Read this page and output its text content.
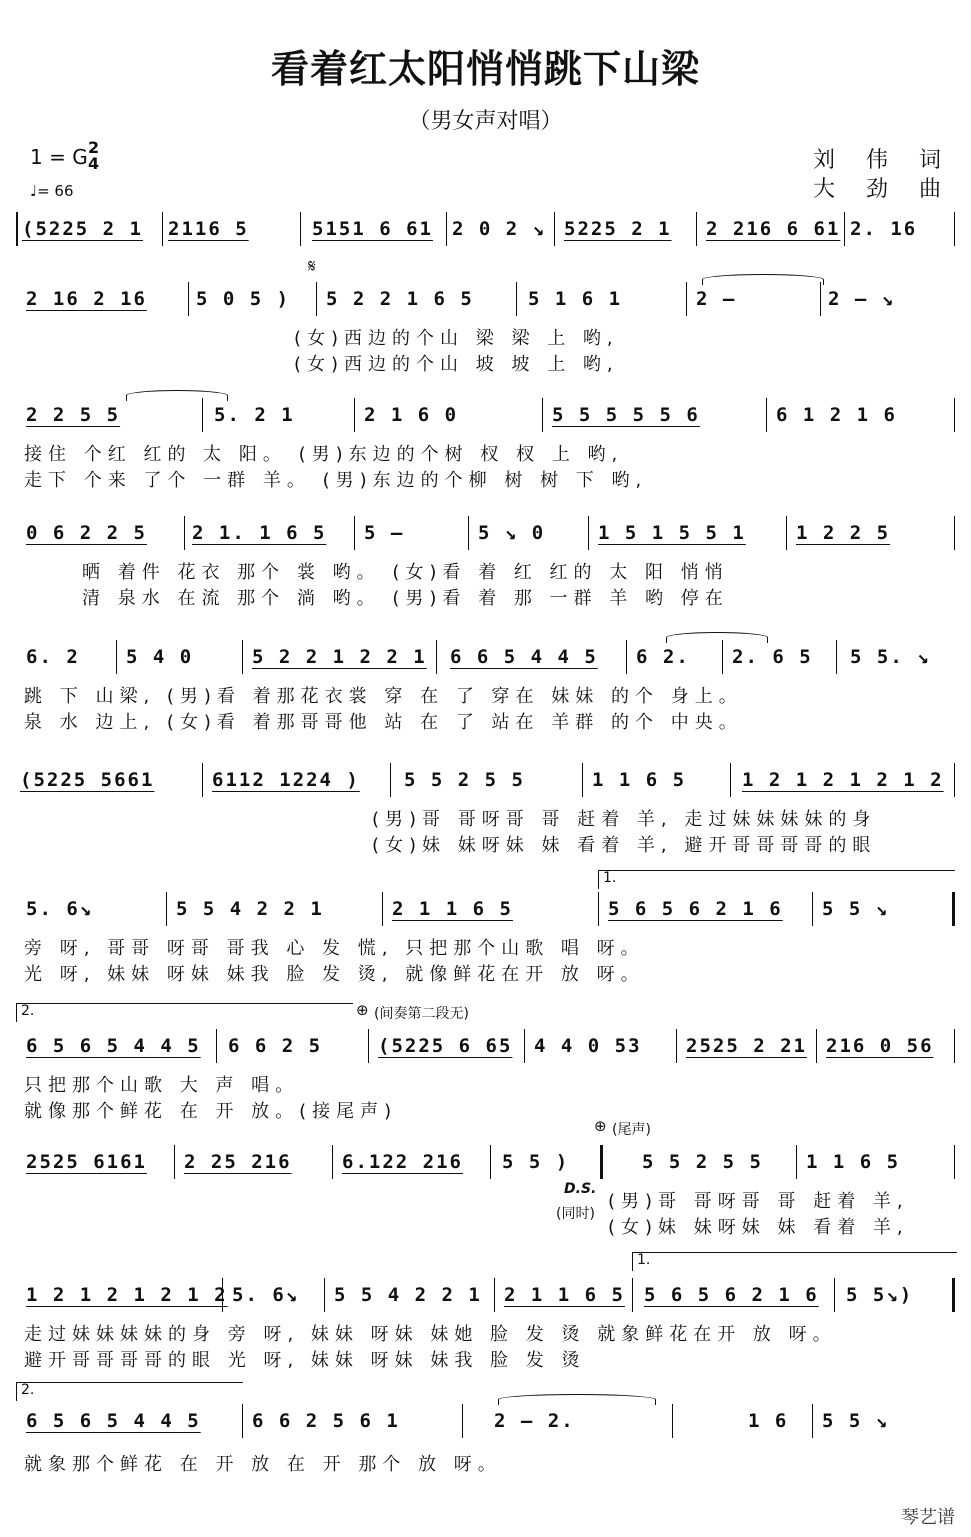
看着红太阳悄悄跳下山梁
（男女声对唱）
1 = G 2
4
♩= 66
刘 伟 词
大 劲 曲
(5225 2 1 2116 5	5151 6 61 2 0 2 ↘ 5225 2 1 2 216 6 61 2. 16
𝄋
2 16 2 16	5 0 5 ) 5 2 2 1 6 5	5 1 6 1	2 –	2 – ↘
(女)西边的个山 梁 梁 上 哟,
(女)西边的个山 坡 坡 上 哟,
2 2 5 5	5. 2 1	2 1 6 0	5 5 5 5 5 6	6 1 2 1 6
接住 个红 红的 太 阳。 (男)东边的个树 杈 杈 上 哟,
走下 个来 了个 一群 羊。 (男)东边的个柳 树 树 下 哟,
0 6 2 2 5 2 1. 1 6 5 5 –	5 ↘ 0	1 5 1 5 5 1	1 2 2 5
晒 着件 花衣 那个 裳 哟。 (女)看 着 红 红的 太 阳 悄悄
清 泉水 在流 那个 淌 哟。 (男)看 着 那 一群 羊 哟 停在
6. 2 5 4 0	5 2 2 1 2 2 1 6 6 5 4 4 5 6 2. 2. 6 5 5 5. ↘
跳 下 山梁, (男)看 着那花衣裳 穿 在 了 穿在 妹妹 的个 身上。
泉 水 边上, (女)看 着那哥哥他 站 在 了 站在 羊群 的个 中央。
(5225 5661	6112 1224 ) 5 5 2 5 5	1 1 6 5	1 2 1 2 1 2 1 2
(男)哥 哥呀哥 哥 赶着 羊, 走过妹妹妹妹的身
(女)妹 妹呀妹 妹 看着 羊, 避开哥哥哥哥的眼
1.
5. 6↘	5 5 4 2 2 1	2 1 1 6 5	5 6 5 6 2 1 6 5 5 ↘
旁 呀, 哥哥 呀哥 哥我 心 发 慌, 只把那个山歌 唱 呀。
光 呀, 妹妹 呀妹 妹我 脸 发 烫, 就像鲜花在开 放 呀。
2.	⊕ (间奏第二段无)
6 5 6 5 4 4 5 6 6 2 5	(5225 6 65 4 4 0 53 2525 2 21 216 0 56
只把那个山歌 大 声 唱。
就像那个鲜花 在 开 放。(接尾声)
⊕ (尾声)
2525 6161 2 25 216	6.122 216 5 5 )	5 5 2 5 5 1 1 6 5
D.S.
(同时)
(男)哥 哥呀哥 哥 赶着 羊,
(女)妹 妹呀妹 妹 看着 羊,
1.
1 2 1 2 1 2 1 2 5. 6↘ 5 5 4 2 2 1 2 1 1 6 5 5 6 5 6 2 1 6 5 5↘)
走过妹妹妹妹的身 旁 呀, 妹妹 呀妹 妹她 脸 发 烫 就象鲜花在开 放 呀。
避开哥哥哥哥的眼 光 呀, 妹妹 呀妹 妹我 脸 发 烫
2.
6 5 6 5 4 4 5	6 6 2 5 6 1	2 – 2.	1 6 5 5 ↘
就象那个鲜花 在 开 放 在 开 那个 放 呀。
琴艺谱
